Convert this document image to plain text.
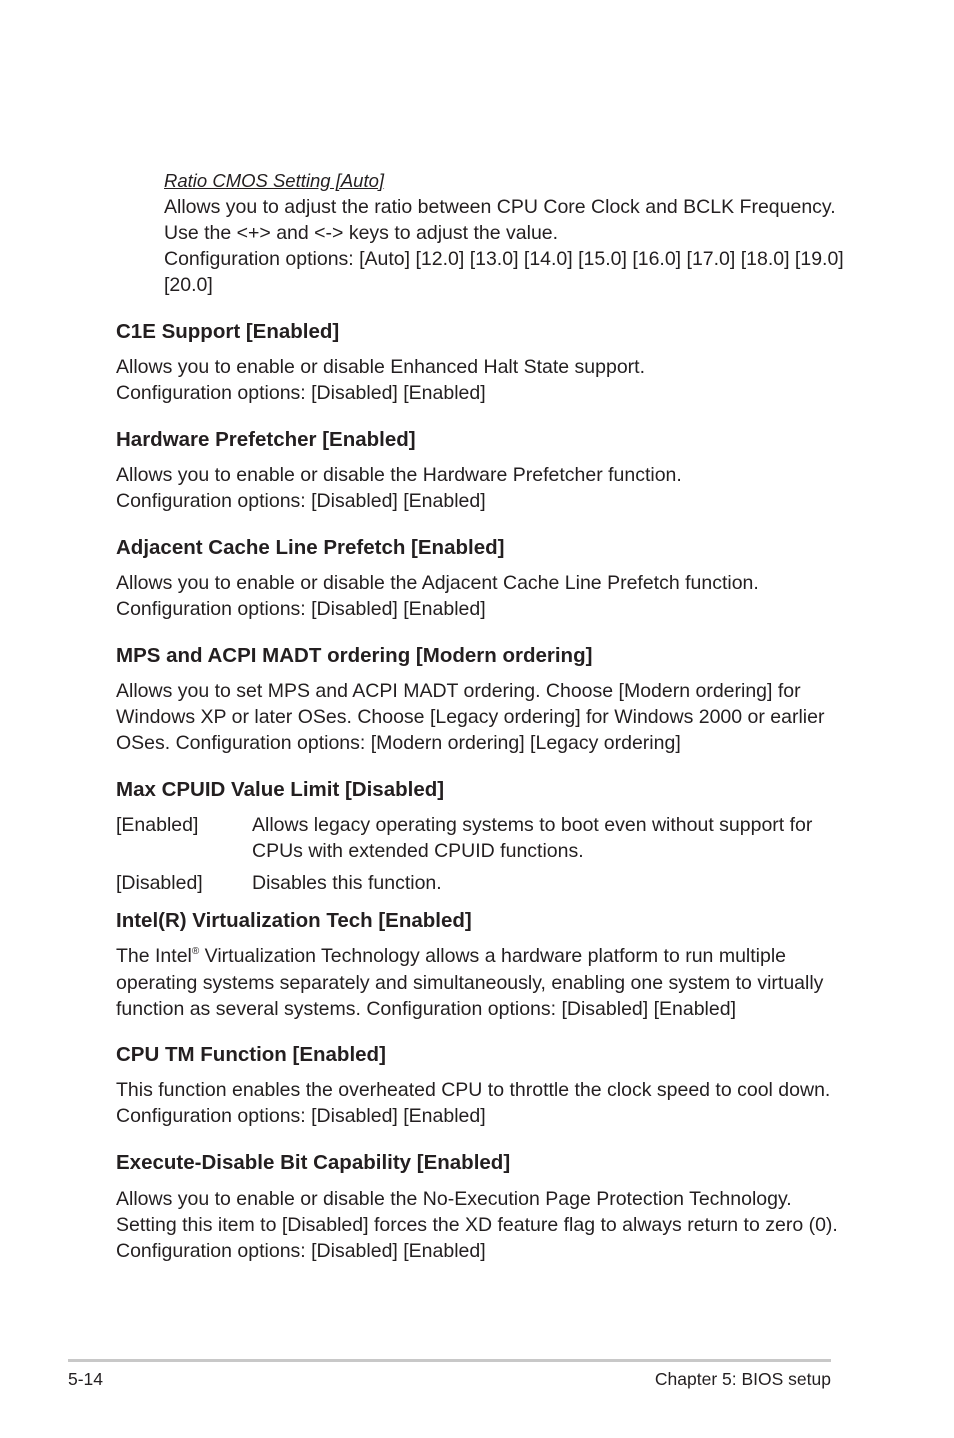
Ratio CMOS Setting [Auto]
Allows you to adjust the ratio between CPU Core Clock and BCLK Frequency.
Use the <+> and <-> keys to adjust the value.
Configuration options: [Auto] [12.0] [13.0] [14.0] [15.0] [16.0] [17.0] [18.0] [19.0]
[20.0]
C1E Support [Enabled]
Allows you to enable or disable Enhanced Halt State support.
Configuration options: [Disabled] [Enabled]
Hardware Prefetcher [Enabled]
Allows you to enable or disable the Hardware Prefetcher function.
Configuration options: [Disabled] [Enabled]
Adjacent Cache Line Prefetch [Enabled]
Allows you to enable or disable the Adjacent Cache Line Prefetch function.
Configuration options: [Disabled] [Enabled]
MPS and ACPI MADT ordering [Modern ordering]
Allows you to set MPS and ACPI MADT ordering. Choose [Modern ordering] for
Windows XP or later OSes. Choose [Legacy ordering] for Windows 2000 or earlier
OSes. Configuration options: [Modern ordering] [Legacy ordering]
Max CPUID Value Limit [Disabled]
[Enabled]	Allows legacy operating systems to boot even without support for
CPUs with extended CPUID functions.
[Disabled]	Disables this function.
Intel(R) Virtualization Tech [Enabled]
The Intel® Virtualization Technology allows a hardware platform to run multiple
operating systems separately and simultaneously, enabling one system to virtually
function as several systems. Configuration options: [Disabled] [Enabled]
CPU TM Function [Enabled]
This function enables the overheated CPU to throttle the clock speed to cool down.
Configuration options: [Disabled] [Enabled]
Execute-Disable Bit Capability [Enabled]
Allows you to enable or disable the No-Execution Page Protection Technology.
Setting this item to [Disabled] forces the XD feature flag to always return to zero (0).
Configuration options: [Disabled] [Enabled]
5-14	Chapter 5: BIOS setup
